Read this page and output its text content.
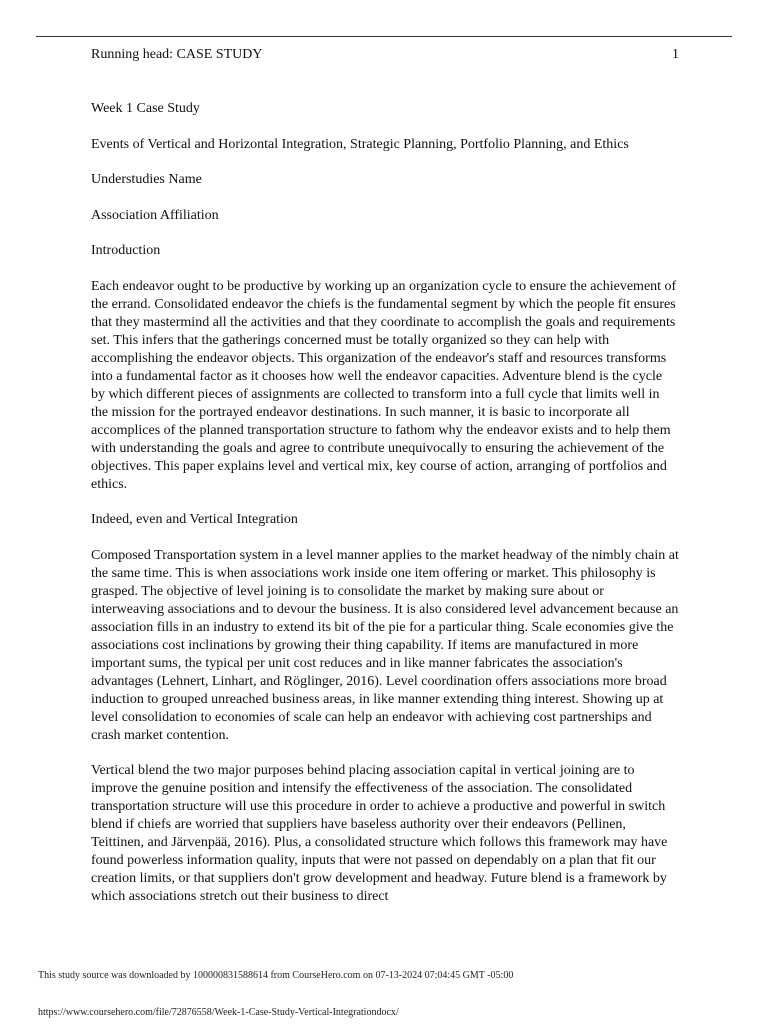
Running head: CASE STUDY	1

Week 1 Case Study

Events of Vertical and Horizontal Integration, Strategic Planning, Portfolio Planning, and Ethics

Understudies Name

Association Affiliation

Introduction

Each endeavor ought to be productive by working up an organization cycle to ensure the achievement of the errand. Consolidated endeavor the chiefs is the fundamental segment by which the people fit ensures that they mastermind all the activities and that they coordinate to accomplish the goals and requirements set. This infers that the gatherings concerned must be totally organized so they can help with accomplishing the endeavor objects. This organization of the endeavor's staff and resources transforms into a fundamental factor as it chooses how well the endeavor capacities. Adventure blend is the cycle by which different pieces of assignments are collected to transform into a full cycle that limits well in the mission for the portrayed endeavor destinations. In such manner, it is basic to incorporate all accomplices of the planned transportation structure to fathom why the endeavor exists and to help them with understanding the goals and agree to contribute unequivocally to ensuring the achievement of the objectives. This paper explains level and vertical mix, key course of action, arranging of portfolios and ethics.

Indeed, even and Vertical Integration

Composed Transportation system in a level manner applies to the market headway of the nimbly chain at the same time. This is when associations work inside one item offering or market. This philosophy is grasped. The objective of level joining is to consolidate the market by making sure about or interweaving associations and to devour the business. It is also considered level advancement because an association fills in an industry to extend its bit of the pie for a particular thing. Scale economies give the associations cost inclinations by growing their thing capability. If items are manufactured in more important sums, the typical per unit cost reduces and in like manner fabricates the association's advantages (Lehnert, Linhart, and Röglinger, 2016). Level coordination offers associations more broad induction to grouped unreached business areas, in like manner extending thing interest. Showing up at level consolidation to economies of scale can help an endeavor with achieving cost partnerships and crash market contention.

Vertical blend the two major purposes behind placing association capital in vertical joining are to improve the genuine position and intensify the effectiveness of the association. The consolidated transportation structure will use this procedure in order to achieve a productive and powerful in switch blend if chiefs are worried that suppliers have baseless authority over their endeavors (Pellinen, Teittinen, and Järvenpää, 2016). Plus, a consolidated structure which follows this framework may have found powerless information quality, inputs that were not passed on dependably on a plan that fit our creation limits, or that suppliers don't grow development and headway. Future blend is a framework by which associations stretch out their business to direct

This study source was downloaded by 100000831588614 from CourseHero.com on 07-13-2024 07:04:45 GMT -05:00
https://www.coursehero.com/file/72876558/Week-1-Case-Study-Vertical-Integrationdocx/
